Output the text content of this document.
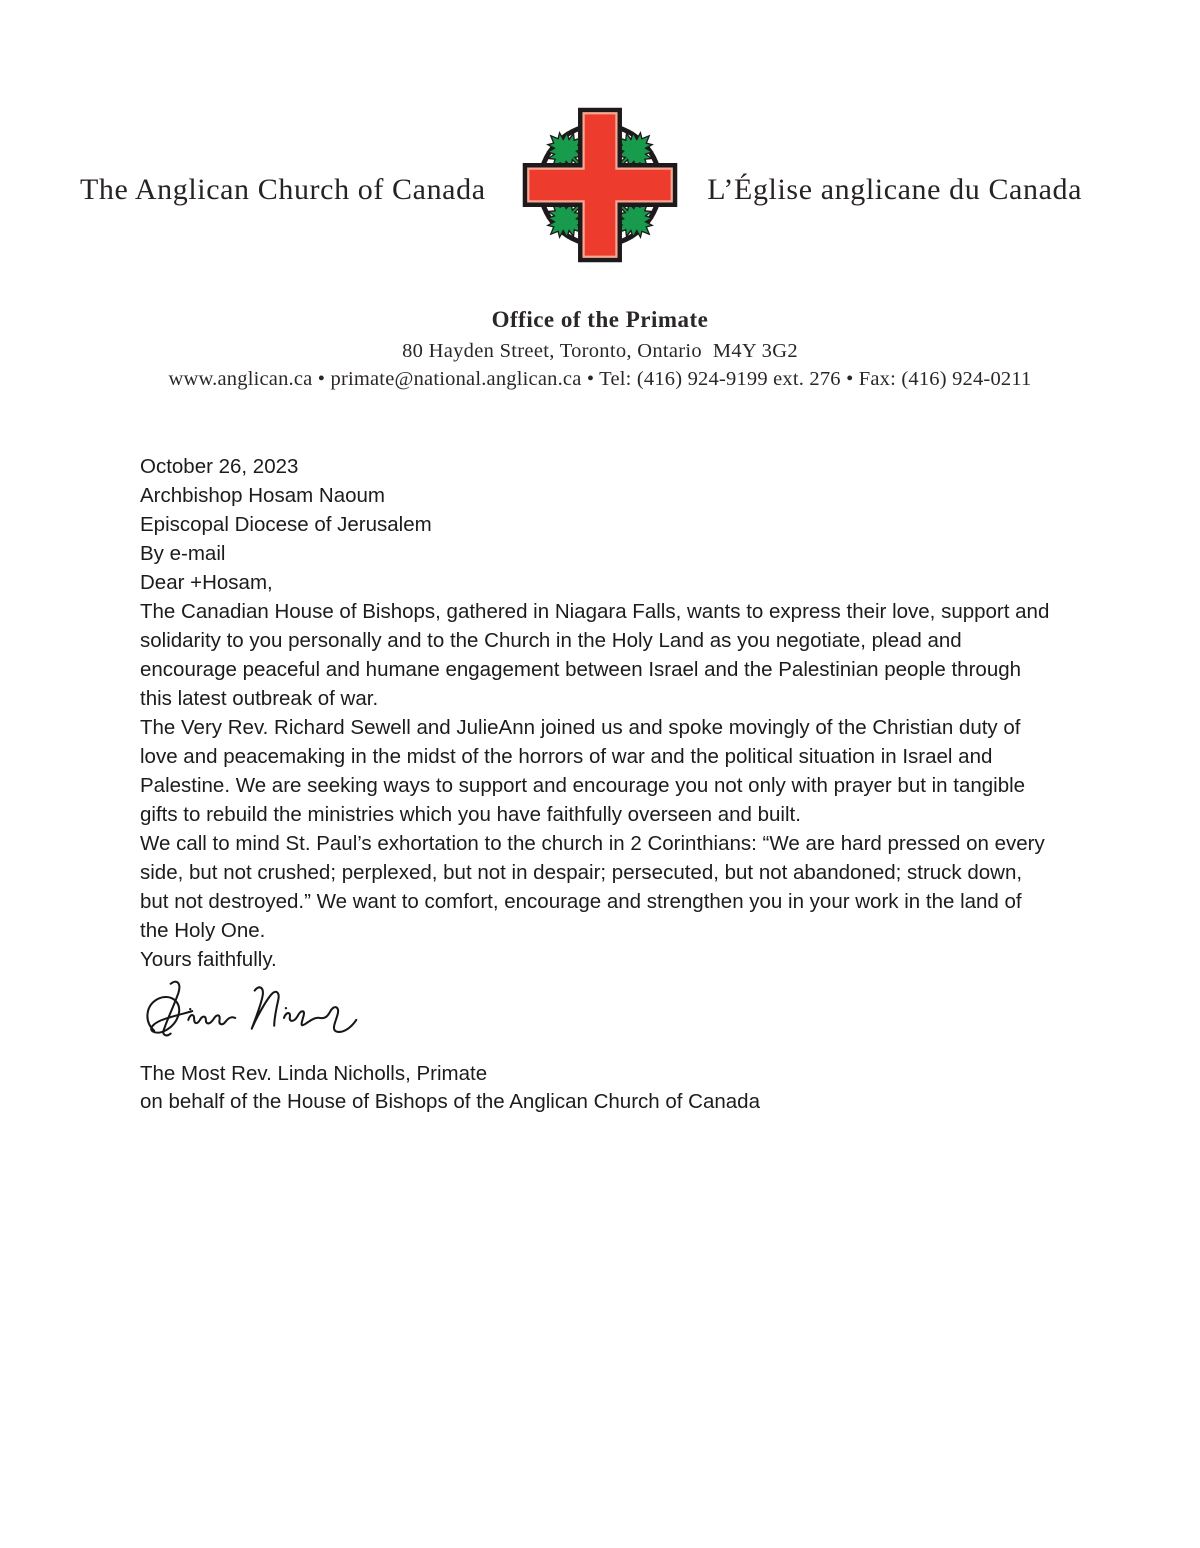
The Anglican Church of Canada	L’Église anglicane du Canada
Office of the Primate
80 Hayden Street, Toronto, Ontario  M4Y 3G2
www.anglican.ca • primate@national.anglican.ca • Tel: (416) 924-9199 ext. 276 • Fax: (416) 924-0211

October 26, 2023

Archbishop Hosam Naoum
Episcopal Diocese of Jerusalem

By e-mail

Dear +Hosam,

The Canadian House of Bishops, gathered in Niagara Falls, wants to express their love, support and solidarity to you personally and to the Church in the Holy Land as you negotiate, plead and encourage peaceful and humane engagement between Israel and the Palestinian people through this latest outbreak of war.

The Very Rev. Richard Sewell and JulieAnn joined us and spoke movingly of the Christian duty of love and peacemaking in the midst of the horrors of war and the political situation in Israel and Palestine. We are seeking ways to support and encourage you not only with prayer but in tangible gifts to rebuild the ministries which you have faithfully overseen and built.

We call to mind St. Paul’s exhortation to the church in 2 Corinthians: “We are hard pressed on every side, but not crushed; perplexed, but not in despair; persecuted, but not abandoned; struck down, but not destroyed.” We want to comfort, encourage and strengthen you in your work in the land of the Holy One.

Yours faithfully.

The Most Rev. Linda Nicholls, Primate
on behalf of the House of Bishops of the Anglican Church of Canada
